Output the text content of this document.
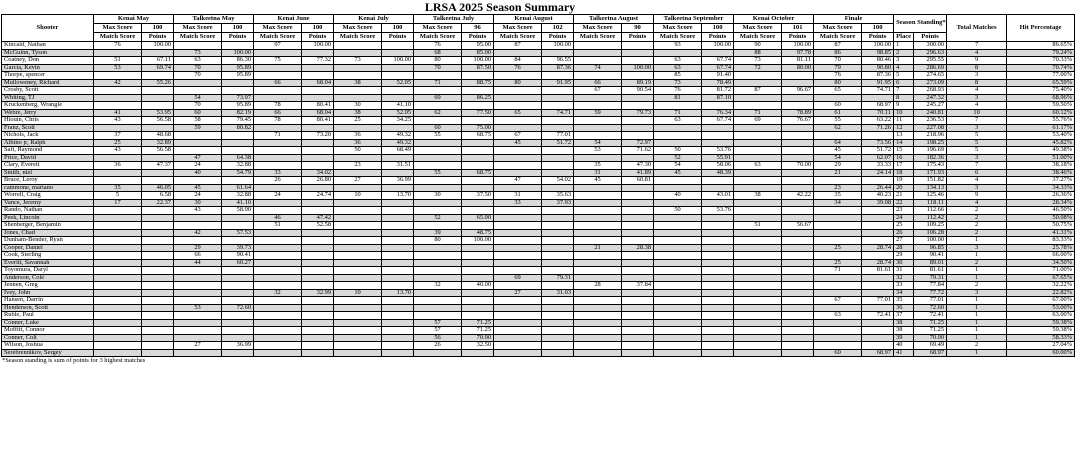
LRSA 2025 Season Summary
Shooter	Kenai May		Talkeetna May		Kenai June		Kenai July		Talkeetna July		Kenai August		Talkeetna August		Talkeetna September		Kenai October		Finale		Season Standing*		Total Matches	Hit Percentage
	Max Score	100	Max Score	100	Max Score	100	Max Score	100	Max Score	96	Max Score	102	Max Score	90	Max Score	100	Max Score	101	Max Score	100				
	Match Score	Points	Match Score	Points	Match Score	Points	Match Score	Points	Match Score	Points	Match Score	Points	Match Score	Points	Match Score	Points	Match Score	Points	Match Score	Points	Place	Points		
Kincaid, Nathan	76	100.00			97	100.00			76	95.00	87	100.00			93	100.00	90	100.00	87	100.00	1	300.00	7	86.65%
McGuinn, Tyson			73	100.00					68	85.00							88	97.78	86	98.85	2	296.63	4	79.24%
Coatney, Don	51	67.11	63	86.30	75	77.32	73	100.00	80	100.00	84	96.55			63	67.74	73	81.11	70	80.46	3	295.55	9	70.33%
Garcia, Kevin	53	69.74	70	95.89					70	87.50	76	87.36	74	100.00	63	67.74	72	80.00	79	90.80	4	286.69	8	70.74%
Thorpe, spencer			70	95.89											85	91.40			76	87.36	5	274.65	3	77.00%
Mulloweney, Richard	42	55.26			66	68.04	38	52.05	71	88.75	80	91.95	66	89.19	73	78.49			80	91.95	6	273.09	8	65.59%
Crosby, Scott													67	90.54	76	81.72	87	96.67	65	74.71	7	268.93	4	75.40%
Whiting, TJ			54	73.97					69	86.25					81	87.10					8	247.32	3	68.96%
Kruckenberg, Wrangle			70	95.89	78	80.41	30	41.10											60	68.97	9	245.27	4	59.50%
Webre, Jerry	41	53.95	60	82.19	66	68.04	38	52.05	62	77.50	65	74.71	59	79.73	71	76.34	71	78.89	61	70.11	10	240.81	10	60.12%
Hlouin, Chris	43	56.58	58	79.45	78	80.41	25	34.25							63	67.74	69	76.67	55	63.22	11	236.53	7	55.76%
Franz, Scott			59	80.82					60	75.00									62	71.26	12	227.08	3	61.17%
Nichols, Jack	37	48.68			71	73.20	36	49.32	55	68.75	67	77.01									13	218.96	5	53.40%
Albino jr, Ralph	25	32.89					36	49.32			45	51.72	54	72.97					64	73.56	14	198.25	5	45.82%
Saft, Raymond	43	56.58					50	68.49					53	71.62	50	53.76			45	51.72	15	196.69	5	49.38%
Price, David			47	64.38											52	55.91			54	62.07	16	182.36	3	51.00%
Clary, Everett	36	47.37	24	32.88			23	31.51					35	47.30	54	58.06	63	70.00	29	33.33	17	175.43	7	38.18%
Smith, niel			40	54.79	33	34.02			55	68.75			31	41.89	45	48.39			21	24.14	18	171.93	6	38.46%
Bruce, Leroy					26	26.80	27	36.99			47	54.02	45	60.81							19	151.82	4	37.27%
cammone, mariano	35	46.05	45	61.64															23	26.44	20	134.13	3	34.33%
Worrell, Craig	5	6.58	24	32.88	24	24.74	10	13.70	30	37.50	31	35.63			40	43.01	38	42.22	35	40.23	21	125.46	9	26.36%
Vance, Jeremy	17	22.37	30	41.10							33	37.93							34	39.08	22	118.11	4	28.34%
Rando, Nathan			43	58.90											50	53.76					23	112.66	2	46.50%
Peek, Lincoln					46	47.42			52	65.00											24	112.42	2	50.08%
Shenberger, Benjamin					51	52.58											51	56.67			25	109.25	2	50.75%
Jones, Chad			42	57.53					39	48.75											26	106.28	2	41.31%
Dunham-Bender, Ryan									80	100.00											27	100.00	1	83.33%
Cooper, Daniel			29	39.73									21	28.38					25	28.74	28	96.85	3	25.78%
Cook, Sterling			66	90.41																	29	90.41	1	66.00%
Everitt, Savannah			44	60.27															25	28.74	30	89.01	2	34.50%
Toyomura, Daryl																			71	81.61	31	81.61	1	71.00%
Anderson, Cole											69	79.31									32	79.31	1	67.65%
Jennen, Greg									32	40.00			28	37.84							33	77.84	2	32.22%
Ivey, John					32	32.99	10	13.70			27	31.03									34	77.72	3	22.82%
Hansen, Darrin																			67	77.01	35	77.01	1	67.00%
Henderson, Scott			53	72.60																	36	72.60	1	53.00%
Ruble, Paul																			63	72.41	37	72.41	1	63.00%
Conner, Luke									57	71.25											38	71.25	1	59.38%
Moffitt, Connor									57	71.25											38	71.25	1	59.38%
Conner, Colt									56	70.00											39	70.00	1	58.33%
Wilson, Joshua			27	36.99					26	32.50											40	69.49	2	27.04%
Serebrennikov, Sergey																			60	68.97	41	68.97	1	60.00%
*Season standing is sum of points for 3 highest matches
